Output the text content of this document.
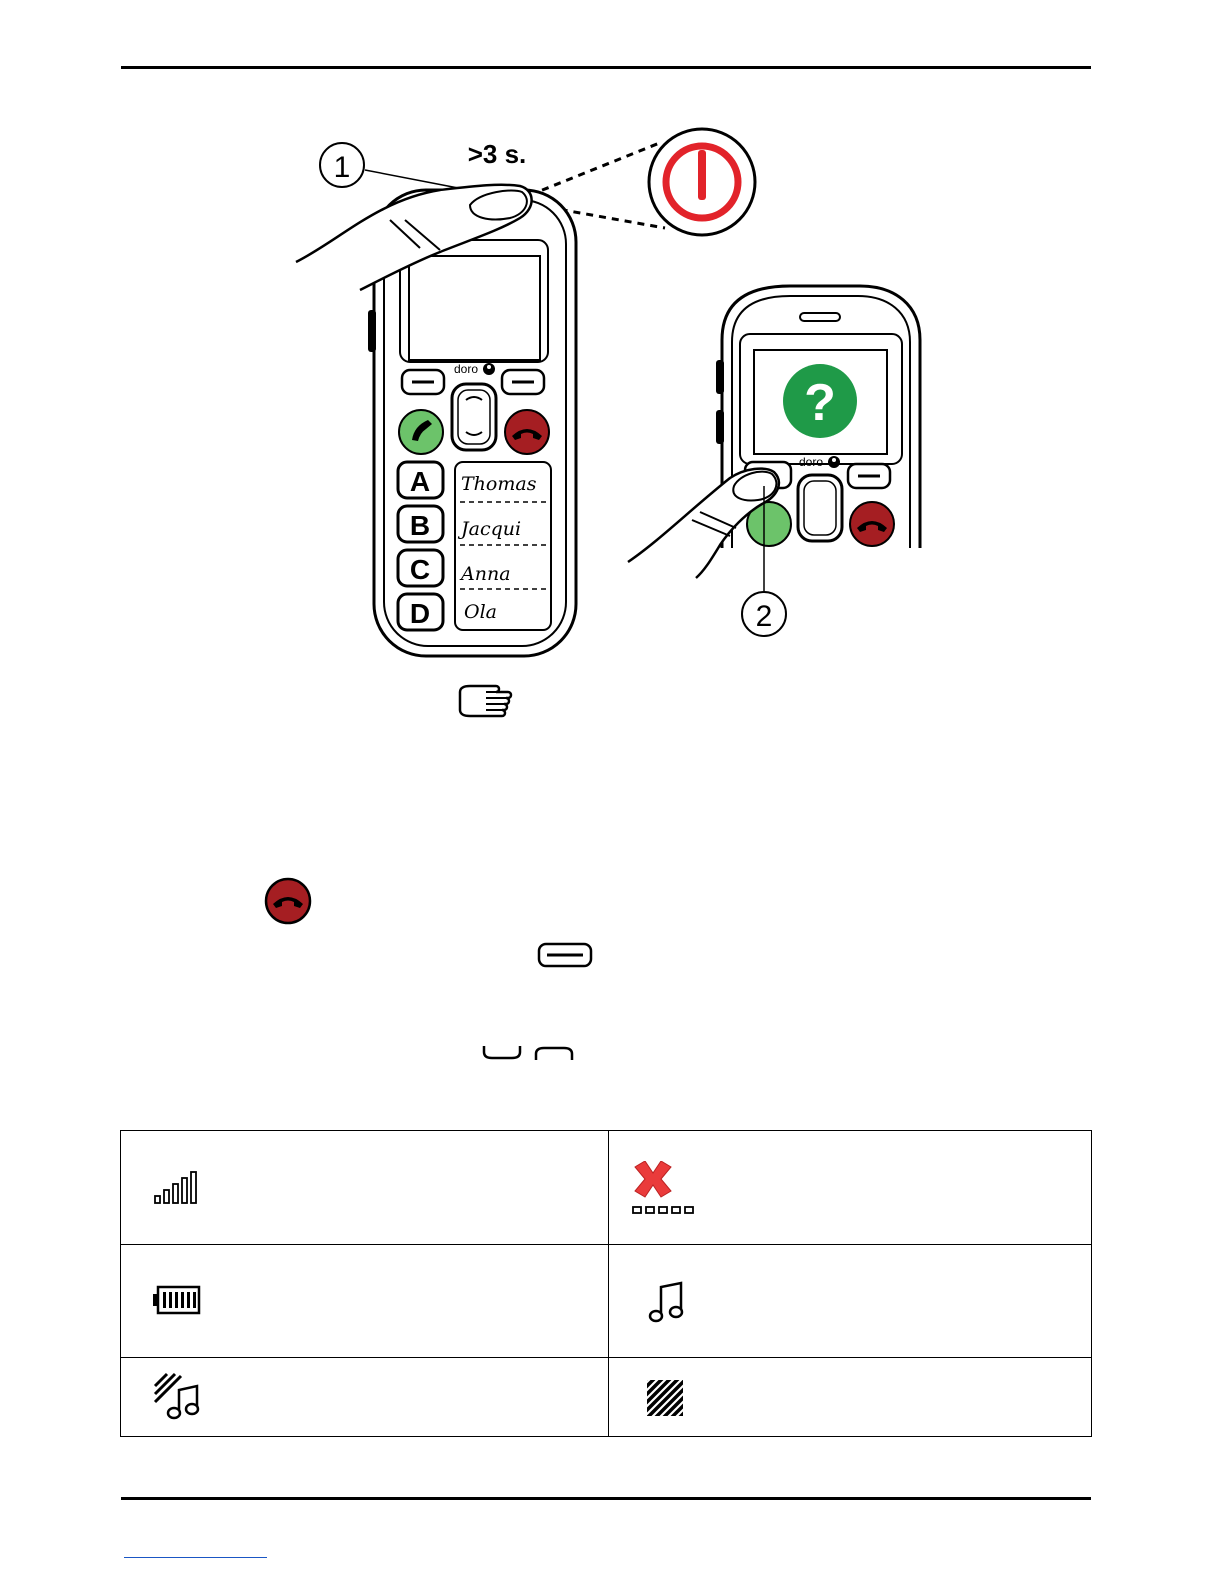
1	>3 s.
doro
A
B
C
D
Thomas
Jacqui
Anna
Ola
?
doro
2
